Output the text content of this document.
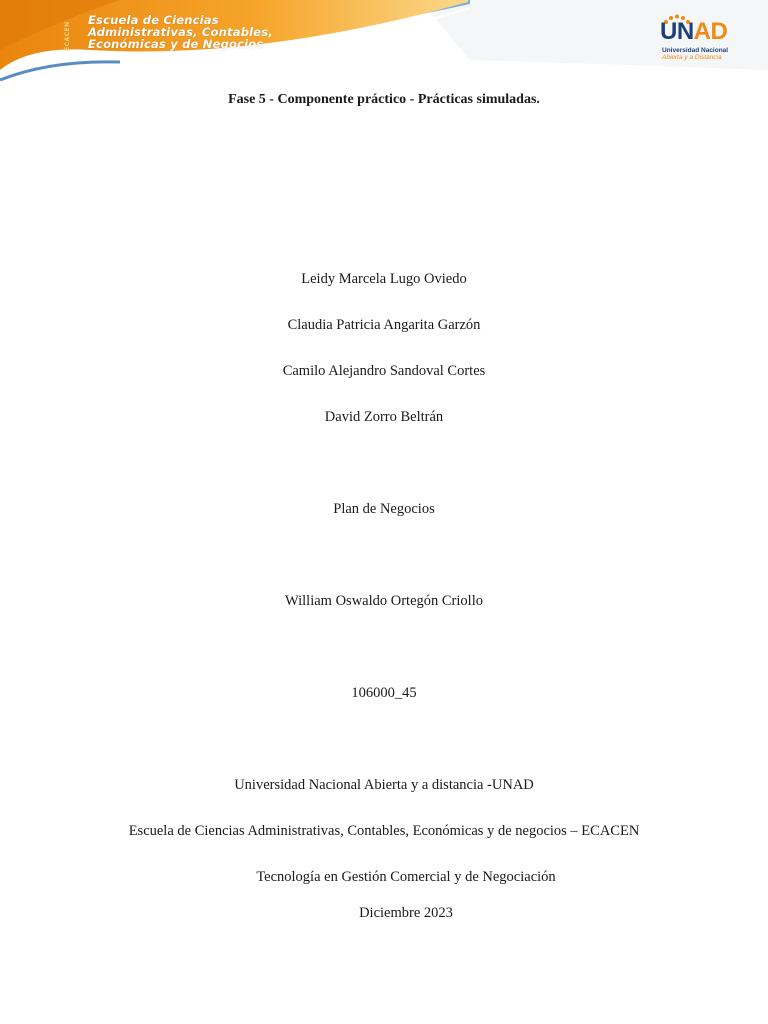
ECACEN
Escuela de Ciencias
Administrativas, Contables,
Económicas y de Negocios	UNAD
Universidad Nacional
Abierta y a Distancia
Fase 5 - Componente práctico - Prácticas simuladas.
Leidy Marcela Lugo Oviedo
Claudia Patricia Angarita Garzón
Camilo Alejandro Sandoval Cortes
David Zorro Beltrán
Plan de Negocios
William Oswaldo Ortegón Criollo
106000_45
Universidad Nacional Abierta y a distancia -UNAD
Escuela de Ciencias Administrativas, Contables, Económicas y de negocios – ECACEN
Tecnología en Gestión Comercial y de Negociación
Diciembre 2023
